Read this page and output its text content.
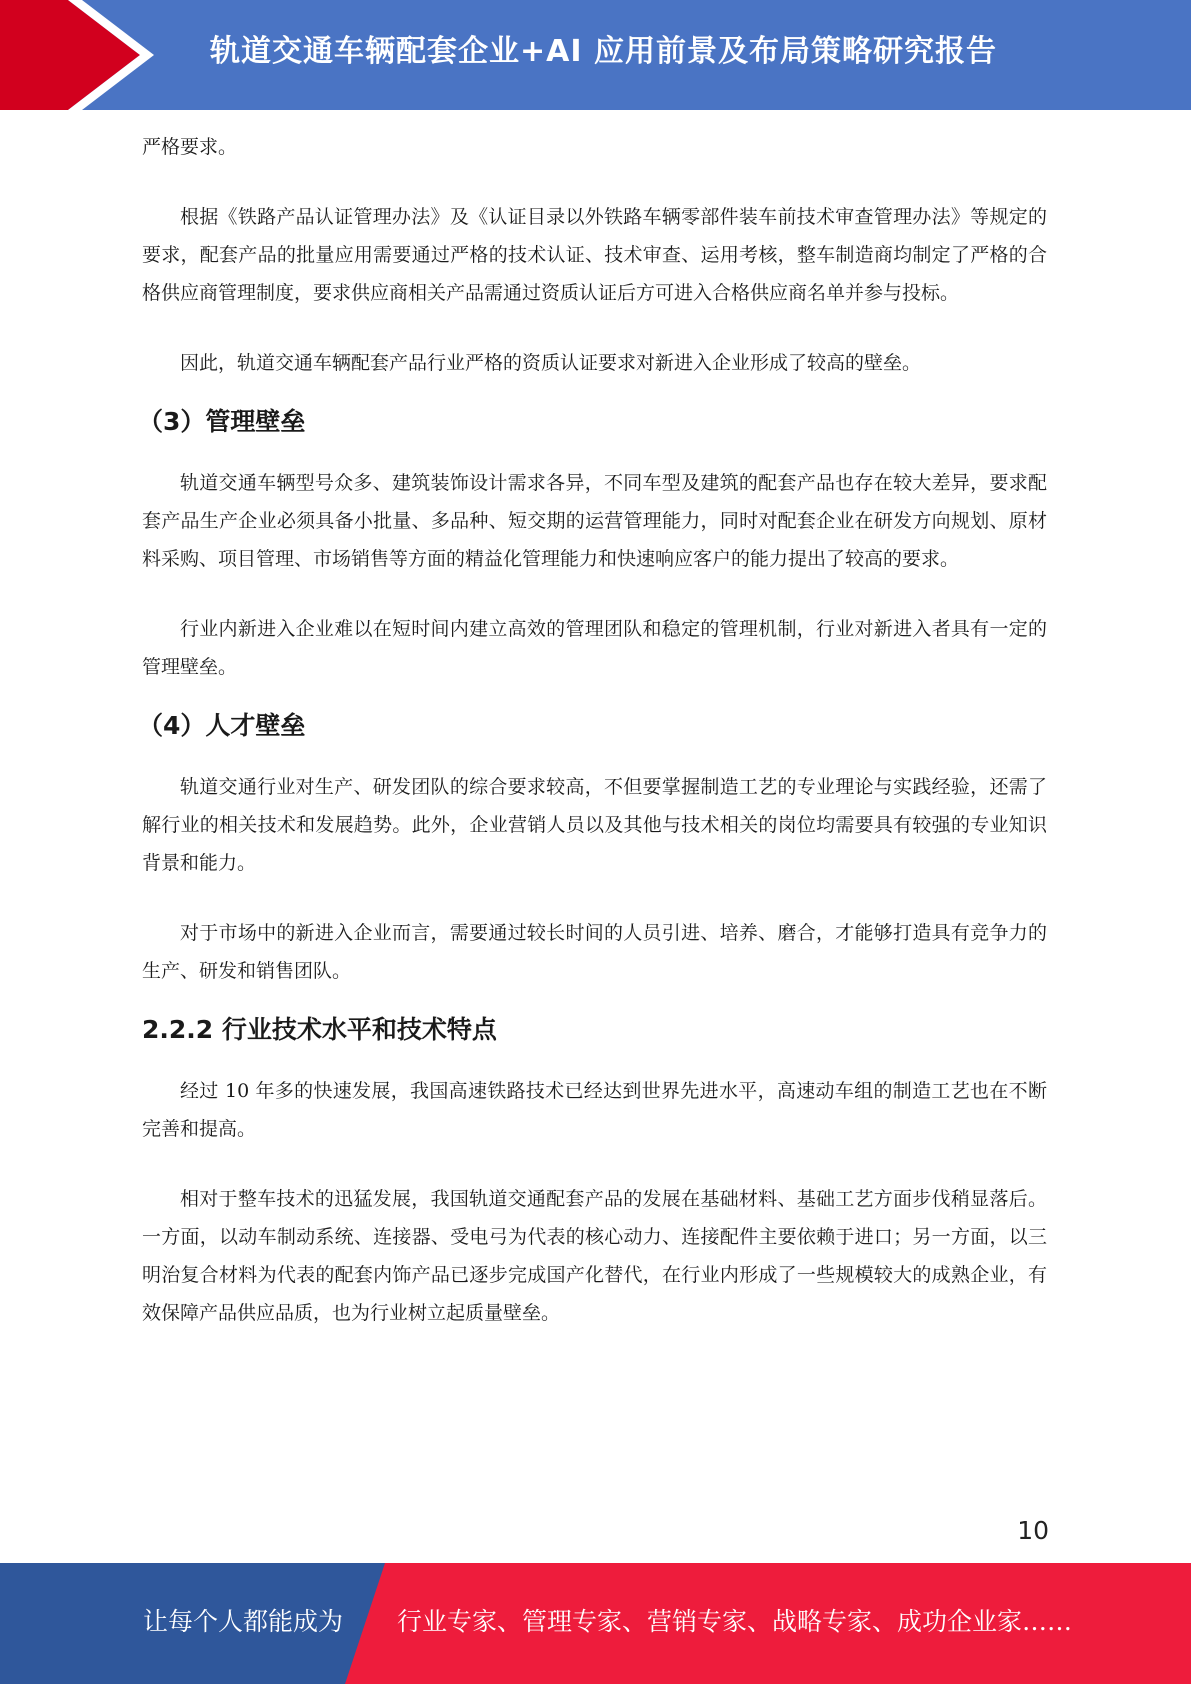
轨道交通车辆配套企业+AI 应用前景及布局策略研究报告

严格要求。

根据《铁路产品认证管理办法》及《认证目录以外铁路车辆零部件装车前技术审查管理办法》等规定的要求，配套产品的批量应用需要通过严格的技术认证、技术审查、运用考核，整车制造商均制定了严格的合格供应商管理制度，要求供应商相关产品需通过资质认证后方可进入合格供应商名单并参与投标。

因此，轨道交通车辆配套产品行业严格的资质认证要求对新进入企业形成了较高的壁垒。

（3）管理壁垒

轨道交通车辆型号众多、建筑装饰设计需求各异，不同车型及建筑的配套产品也存在较大差异，要求配套产品生产企业必须具备小批量、多品种、短交期的运营管理能力，同时对配套企业在研发方向规划、原材料采购、项目管理、市场销售等方面的精益化管理能力和快速响应客户的能力提出了较高的要求。

行业内新进入企业难以在短时间内建立高效的管理团队和稳定的管理机制，行业对新进入者具有一定的管理壁垒。

（4）人才壁垒

轨道交通行业对生产、研发团队的综合要求较高，不但要掌握制造工艺的专业理论与实践经验，还需了解行业的相关技术和发展趋势。此外，企业营销人员以及其他与技术相关的岗位均需要具有较强的专业知识背景和能力。

对于市场中的新进入企业而言，需要通过较长时间的人员引进、培养、磨合，才能够打造具有竞争力的生产、研发和销售团队。

2.2.2 行业技术水平和技术特点

经过 10 年多的快速发展，我国高速铁路技术已经达到世界先进水平，高速动车组的制造工艺也在不断完善和提高。

相对于整车技术的迅猛发展，我国轨道交通配套产品的发展在基础材料、基础工艺方面步伐稍显落后。一方面，以动车制动系统、连接器、受电弓为代表的核心动力、连接配件主要依赖于进口；另一方面，以三明治复合材料为代表的配套内饰产品已逐步完成国产化替代，在行业内形成了一些规模较大的成熟企业，有效保障产品供应品质，也为行业树立起质量壁垒。

10
让每个人都能成为 行业专家、管理专家、营销专家、战略专家、成功企业家……
